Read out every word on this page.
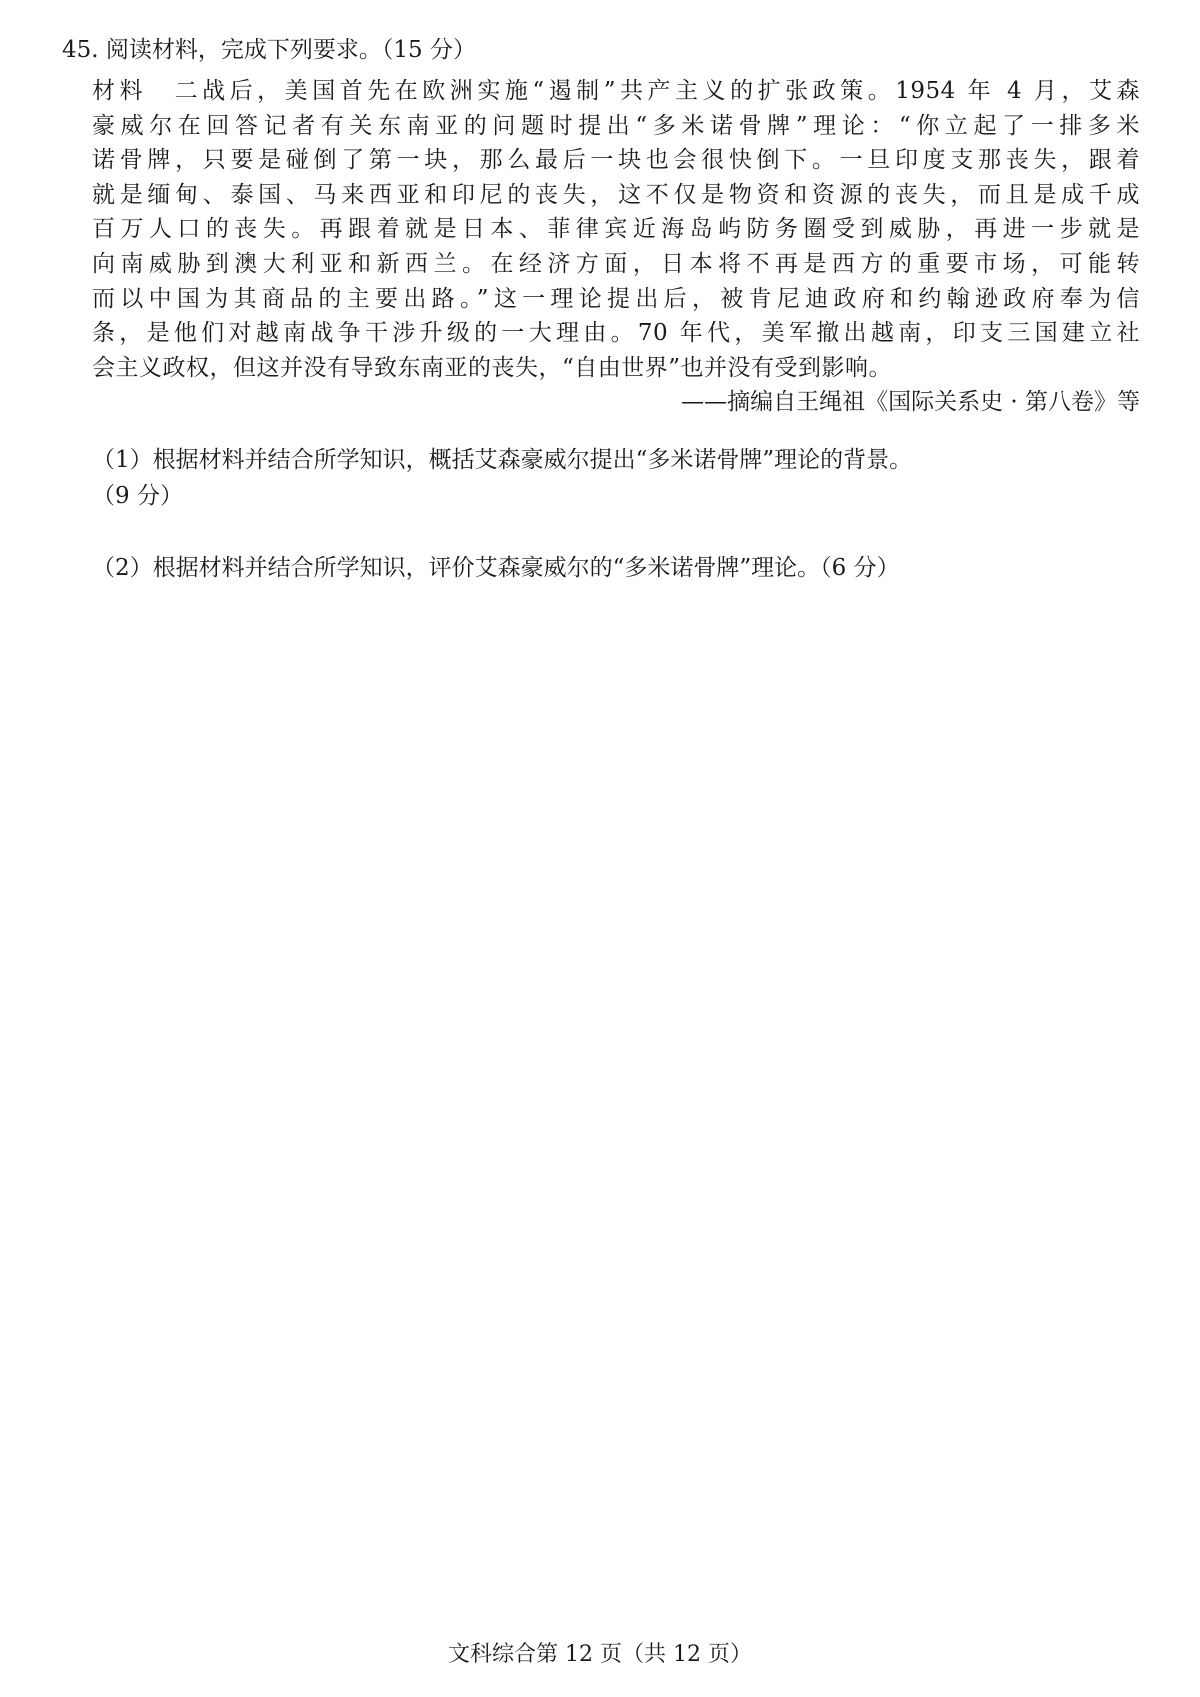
45. 阅读材料，完成下列要求。（15 分）
材料　二战后，美国首先在欧洲实施“遏制”共产主义的扩张政策。1954 年 4 月，艾森
豪威尔在回答记者有关东南亚的问题时提出“多米诺骨牌”理论：“你立起了一排多米
诺骨牌，只要是碰倒了第一块，那么最后一块也会很快倒下。一旦印度支那丧失，跟着
就是缅甸、泰国、马来西亚和印尼的丧失，这不仅是物资和资源的丧失，而且是成千成
百万人口的丧失。再跟着就是日本、菲律宾近海岛屿防务圈受到威胁，再进一步就是
向南威胁到澳大利亚和新西兰。在经济方面，日本将不再是西方的重要市场，可能转
而以中国为其商品的主要出路。”这一理论提出后，被肯尼迪政府和约翰逊政府奉为信
条，是他们对越南战争干涉升级的一大理由。70 年代，美军撤出越南，印支三国建立社
会主义政权，但这并没有导致东南亚的丧失，“自由世界”也并没有受到影响。
——摘编自王绳祖《国际关系史 · 第八卷》等
（1）根据材料并结合所学知识，概括艾森豪威尔提出“多米诺骨牌”理论的背景。
（9 分）
（2）根据材料并结合所学知识，评价艾森豪威尔的“多米诺骨牌”理论。（6 分）
文科综合第 12 页（共 12 页）
